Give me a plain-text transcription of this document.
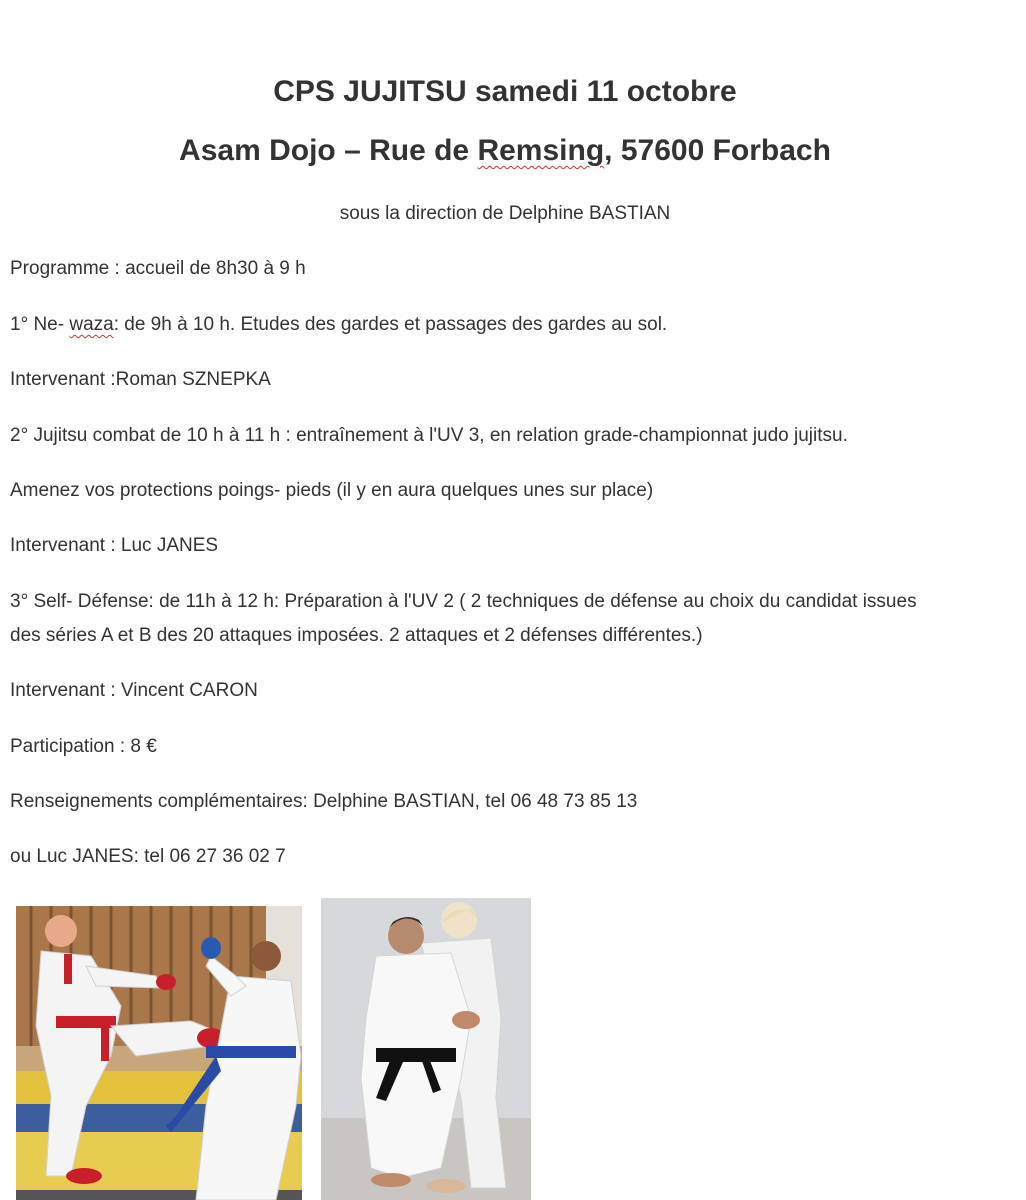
CPS JUJITSU samedi 11 octobre
Asam Dojo – Rue de Remsing, 57600 Forbach

sous la direction de Delphine BASTIAN

Programme : accueil de 8h30 à 9 h

1° Ne- waza: de 9h à 10 h. Etudes des gardes et passages des gardes au sol.

Intervenant :Roman SZNEPKA

2° Jujitsu combat de 10 h à 11 h : entraînement à l'UV 3, en relation grade-championnat judo jujitsu.

Amenez vos protections poings- pieds (il y en aura quelques unes sur place)

Intervenant : Luc JANES

3° Self- Défense: de 11h à 12 h: Préparation à l'UV 2 ( 2 techniques de défense au choix du candidat issues

des séries A et B des 20 attaques imposées. 2 attaques et 2 défenses différentes.)

Intervenant : Vincent CARON

Participation : 8 €

Renseignements complémentaires: Delphine BASTIAN, tel 06 48 73 85 13

ou Luc JANES: tel 06 27 36 02 7
